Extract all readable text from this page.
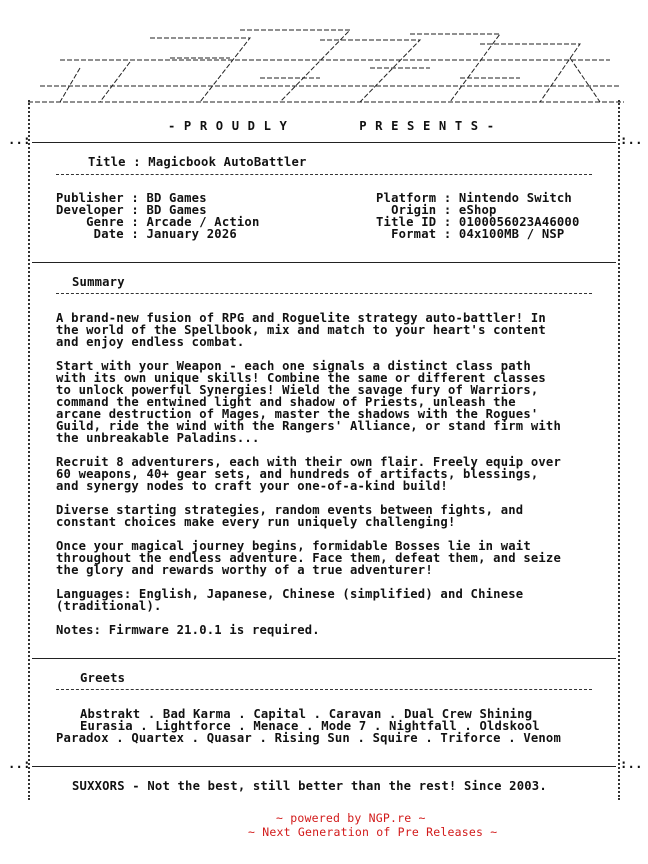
..:	:..
..:	:..
-PROUDLY    PRESENTS-
Title : Magicbook AutoBattler
Publisher : BD Games
Developer : BD Games
Genre : Arcade / Action
Date : January 2026
Platform : Nintendo Switch
Origin : eShop
Title ID : 0100056023A46000
Format : 04x100MB / NSP
Summary
A brand-new fusion of RPG and Roguelite strategy auto-battler! In
the world of the Spellbook, mix and match to your heart's content
and enjoy endless combat.
Start with your Weapon - each one signals a distinct class path
with its own unique skills! Combine the same or different classes
to unlock powerful Synergies! Wield the savage fury of Warriors,
command the entwined light and shadow of Priests, unleash the
arcane destruction of Mages, master the shadows with the Rogues'
Guild, ride the wind with the Rangers' Alliance, or stand firm with
the unbreakable Paladins...
Recruit 8 adventurers, each with their own flair. Freely equip over
60 weapons, 40+ gear sets, and hundreds of artifacts, blessings,
and synergy nodes to craft your one-of-a-kind build!
Diverse starting strategies, random events between fights, and
constant choices make every run uniquely challenging!
Once your magical journey begins, formidable Bosses lie in wait
throughout the endless adventure. Face them, defeat them, and seize
the glory and rewards worthy of a true adventurer!
Languages: English, Japanese, Chinese (simplified) and Chinese
(traditional).
Notes: Firmware 21.0.1 is required.
Greets
Abstrakt . Bad Karma . Capital . Caravan . Dual Crew Shining
Eurasia . Lightforce . Menace . Mode 7 . Nightfall . Oldskool
Paradox . Quartex . Quasar . Rising Sun . Squire . Triforce . Venom
SUXXORS - Not the best, still better than the rest! Since 2003.
~ powered by NGP.re ~
~ Next Generation of Pre Releases ~
